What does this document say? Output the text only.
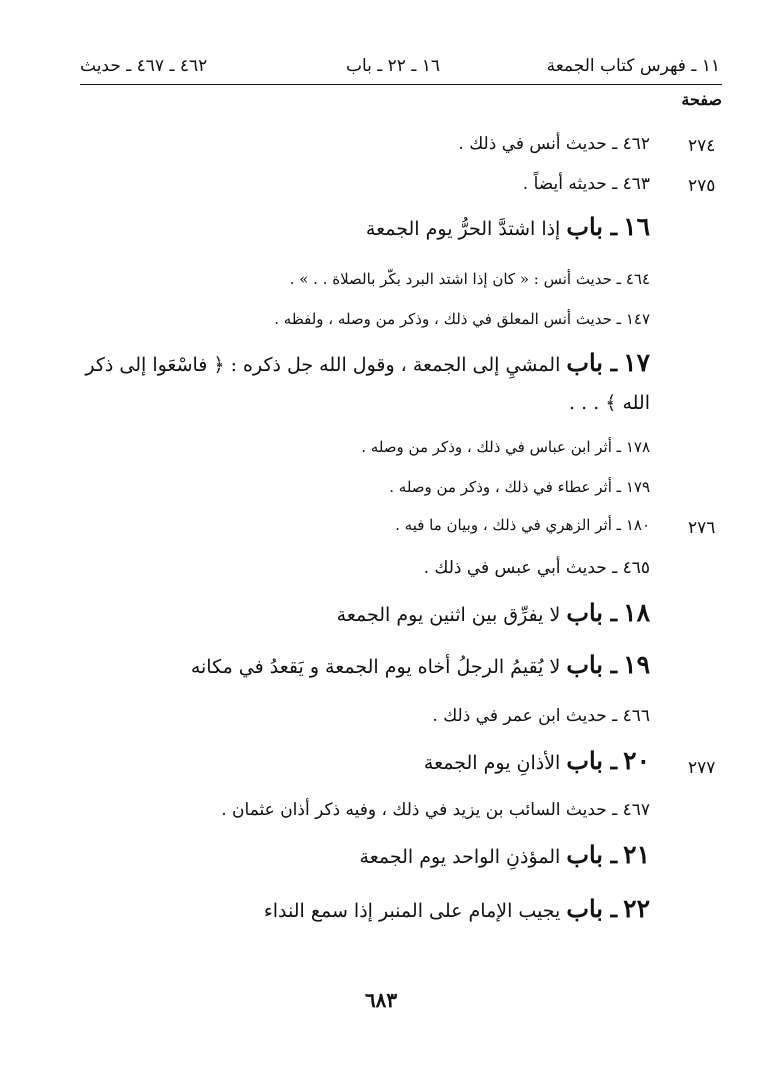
١١ ـ فهرس كتاب الجمعة
١٦ ـ ٢٢ ـ باب
٤٦٢ ـ ٤٦٧ ـ حديث
صفحة
٢٧٤
٤٦٢ ـ حديث أنس في ذلك .
٢٧٥
٤٦٣ ـ حديثه أيضاً .
١٦ ـ باب إذا اشتدَّ الحرُّ يوم الجمعة
٤٦٤ ـ حديث أنس : « كان إذا اشتد البرد بكّر بالصلاة . . » .
١٤٧ ـ حديث أنس المعلق في ذلك ، وذكر من وصله ، ولفظه .
١٧ ـ باب المشيِ إلى الجمعة ، وقول الله جل ذكره : ﴿ فاسْعَوا إلى ذكر
الله ﴾ . . .
١٧٨ ـ أثر ابن عباس في ذلك ، وذكر من وصله .
١٧٩ ـ أثر عطاء في ذلك ، وذكر من وصله .
٢٧٦
١٨٠ ـ أثر الزهري في ذلك ، وبيان ما فيه .
٤٦٥ ـ حديث أبي عبس في ذلك .
١٨ ـ باب لا يفرِّق بين اثنين يوم الجمعة
١٩ ـ باب لا يُقيمُ الرجلُ أخاه يوم الجمعة و يَقعدُ في مكانه
٤٦٦ ـ حديث ابن عمر في ذلك .
٢٧٧
٢٠ ـ باب الأذانِ يوم الجمعة
٤٦٧ ـ حديث السائب بن يزيد في ذلك ، وفيه ذكر أذان عثمان .
٢١ ـ باب المؤذنِ الواحد يوم الجمعة
٢٢ ـ باب يجيب الإمام على المنبر إذا سمع النداء
٦٨٣
